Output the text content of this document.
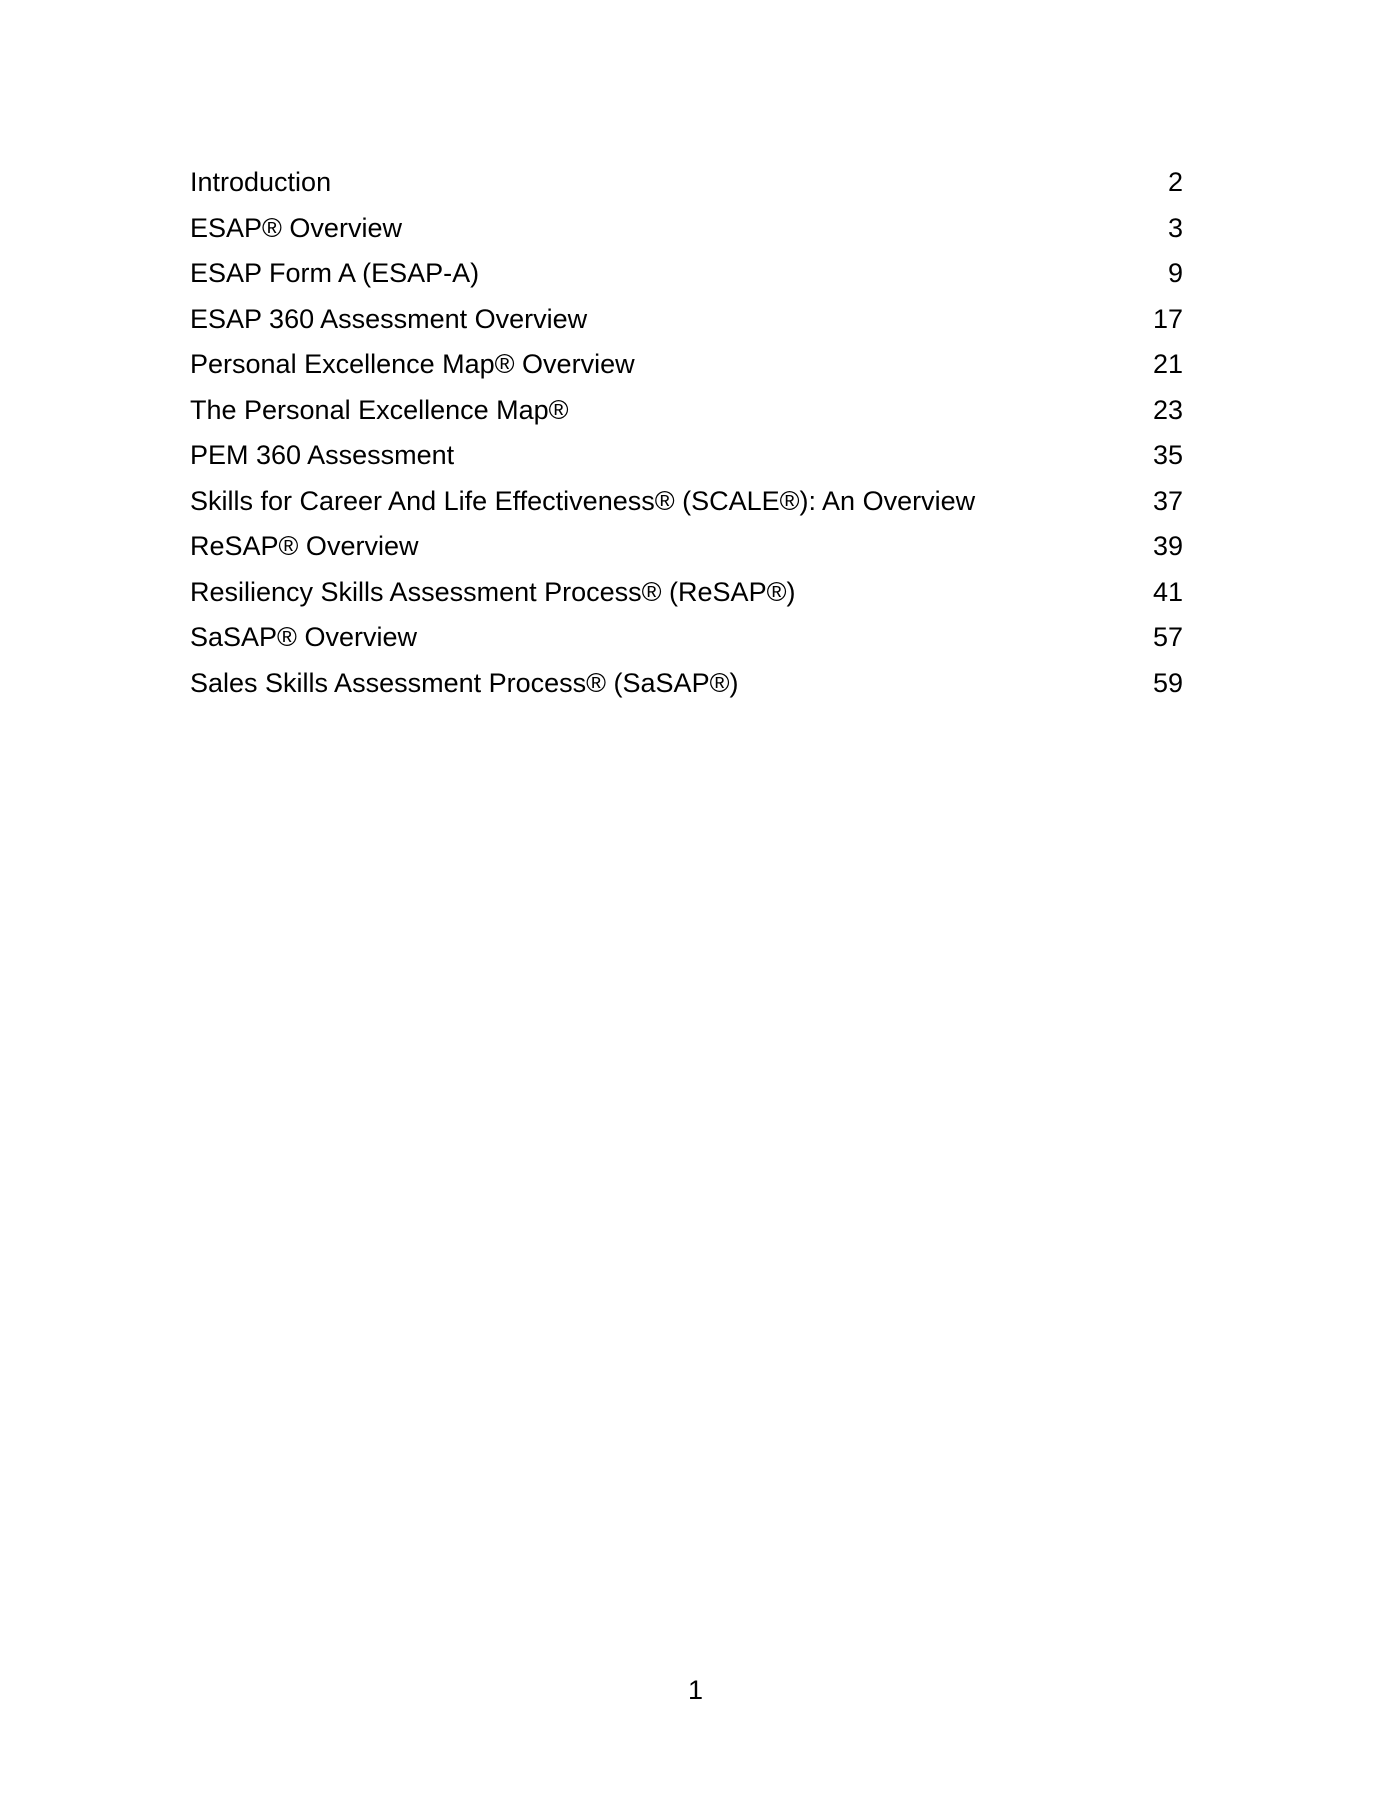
Introduction	2
ESAP® Overview	3
ESAP Form A (ESAP-A)	9
ESAP 360 Assessment Overview	17
Personal Excellence Map® Overview	21
The Personal Excellence Map®	23
PEM 360 Assessment	35
Skills for Career And Life Effectiveness® (SCALE®): An Overview	37
ReSAP® Overview	39
Resiliency Skills Assessment Process® (ReSAP®)	41
SaSAP® Overview	57
Sales Skills Assessment Process® (SaSAP®)	59
1
